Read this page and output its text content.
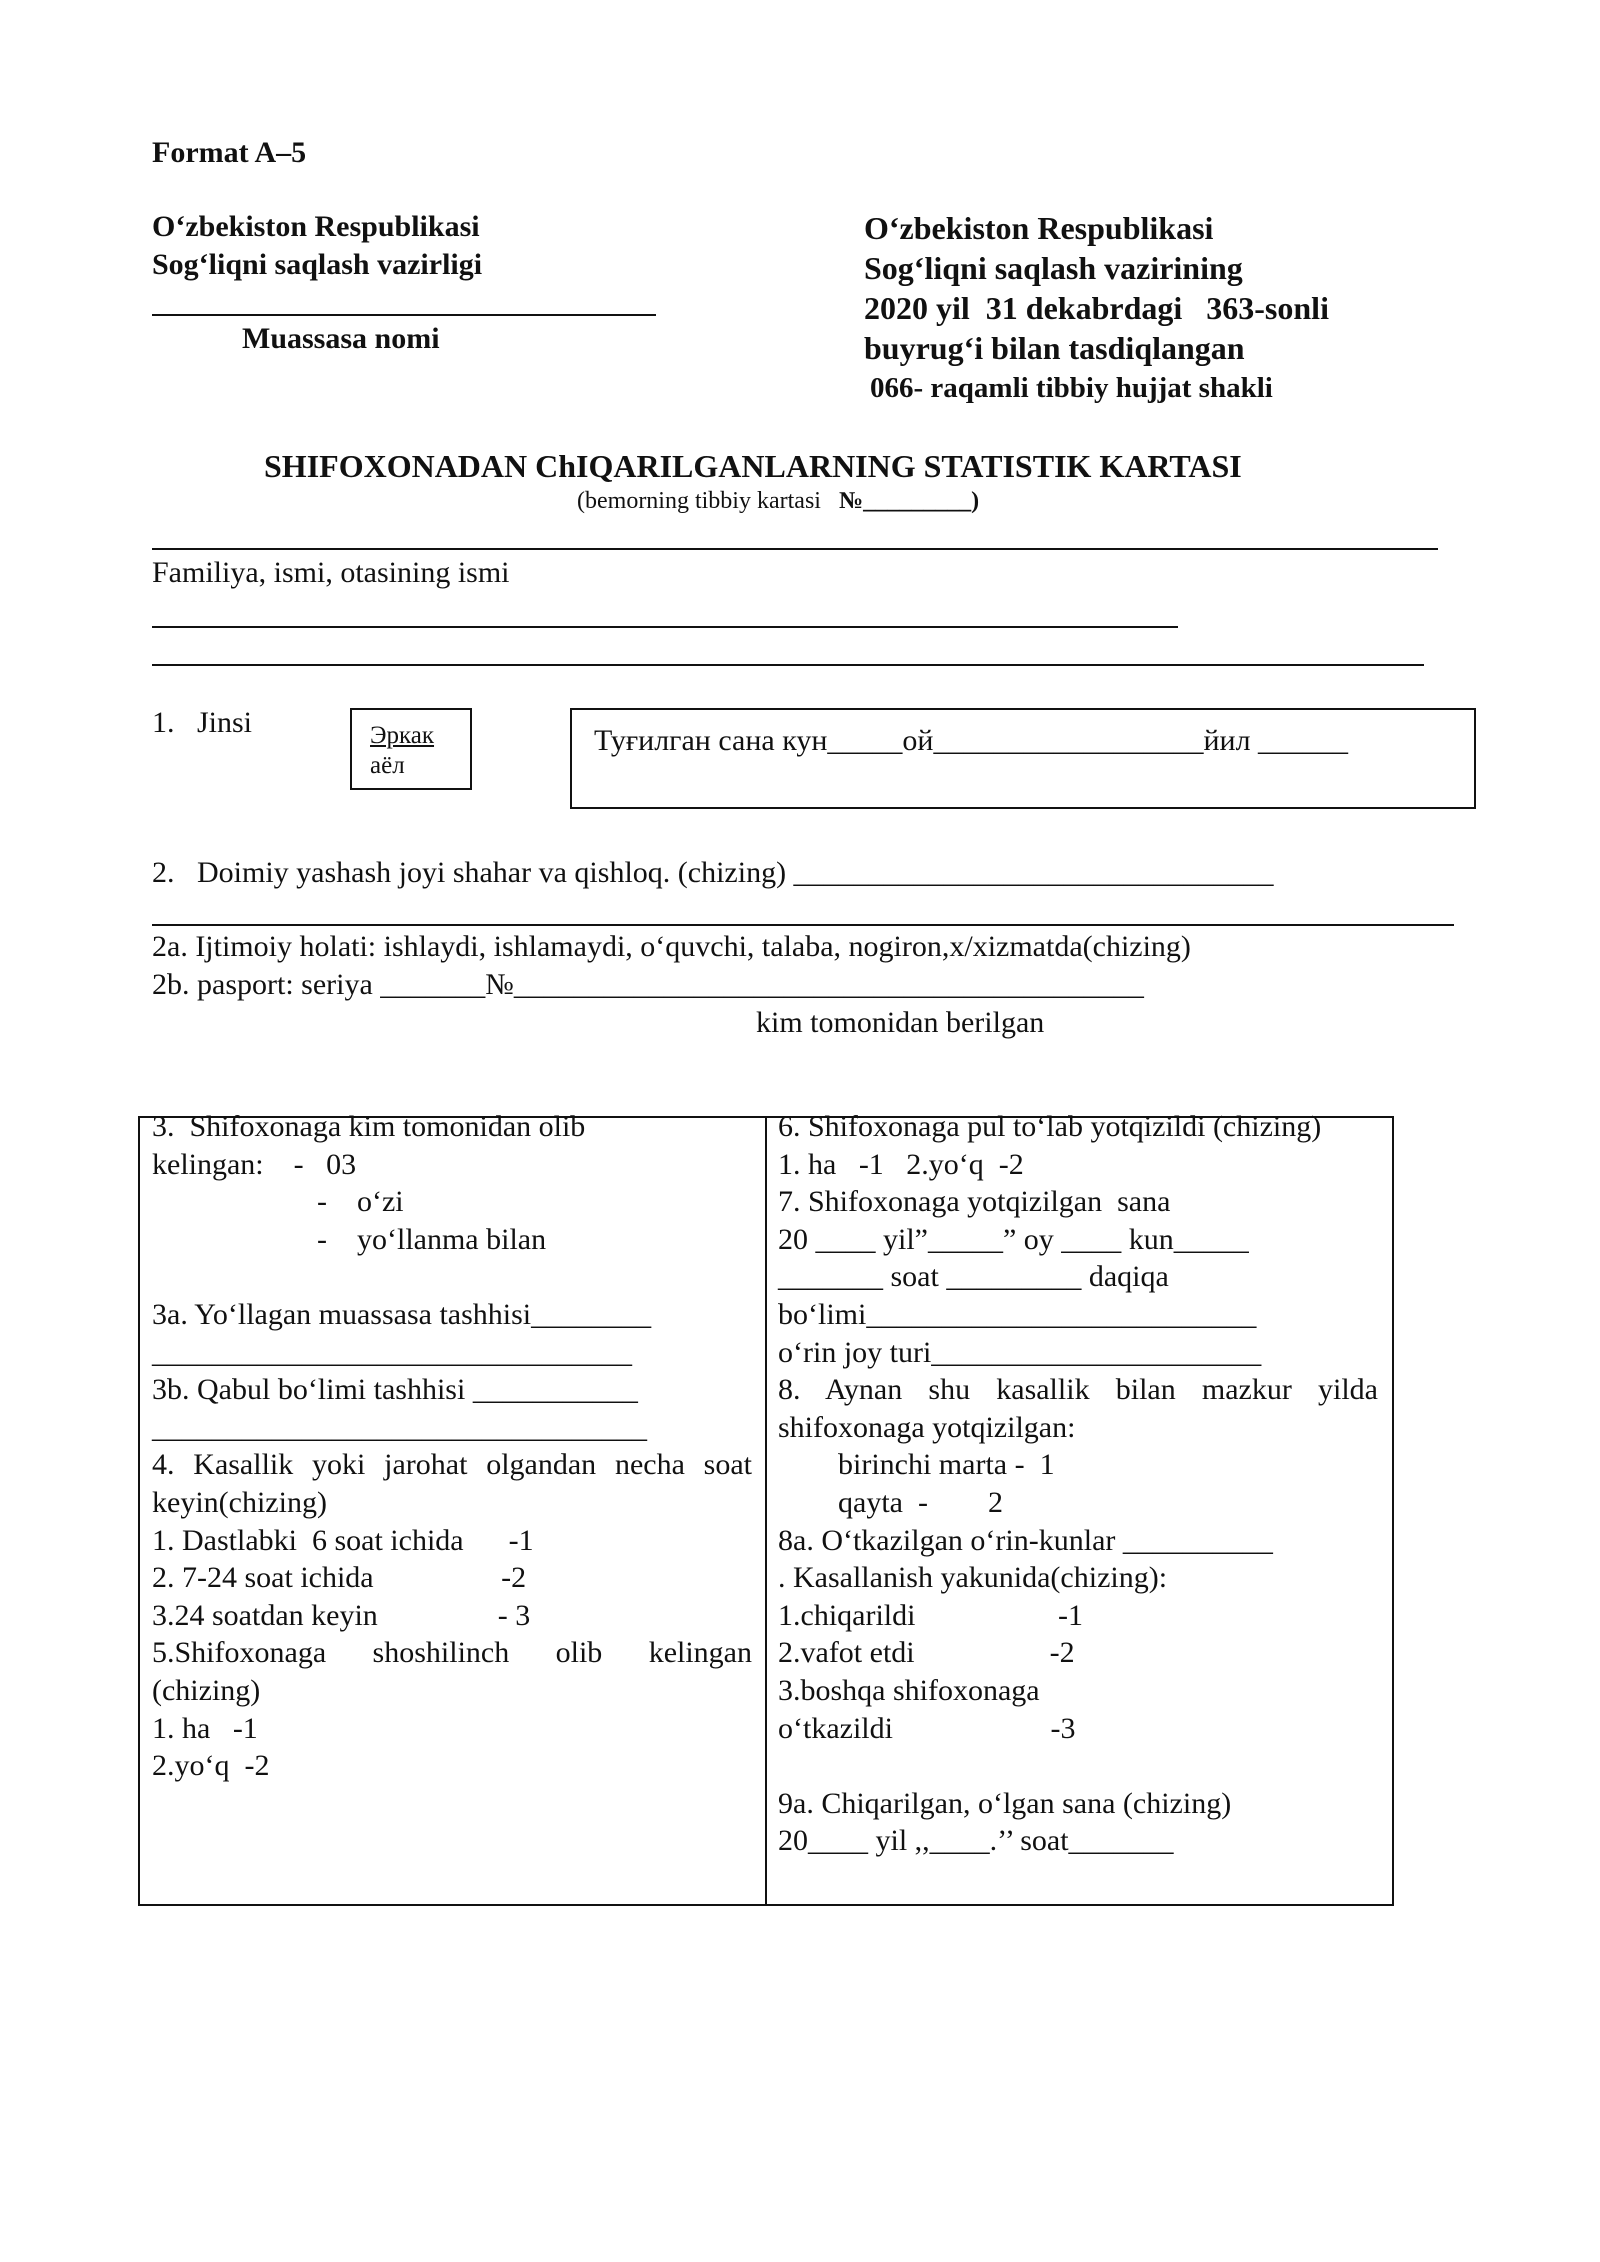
Format A–5
O‘zbekiston Respublikasi
Sog‘liqni saqlash vazirligi
Muassasa nomi
O‘zbekiston Respublikasi
Sog‘liqni saqlash vazirining
2020 yil  31 dekabrdagi   363-sonli
buyrug‘i bilan tasdiqlangan
066- raqamli tibbiy hujjat shakli
SHIFOXONADAN ChIQARILGANLARNING STATISTIK KARTASI
(bemorning tibbiy kartasi   №_________)
Familiya, ismi, otasining ismi
1.   Jinsi	Эркак
аёл
Туғилган сана кун_____ой__________________йил ______
2.   Doimiy yashash joyi shahar va qishloq. (chizing) ________________________________
2a. Ijtimoiy holati: ishlaydi, ishlamaydi, o‘quvchi, talaba, nogiron,x/xizmatda(chizing)
2b. pasport: seriya _______№__________________________________________
kim tomonidan berilgan
3.  Shifoxonaga kim tomonidan olib
kelingan:    -   03
-    o‘zi
-    yo‘llanma bilan
3a. Yo‘llagan muassasa tashhisi________
________________________________
3b. Qabul bo‘limi tashhisi ___________
_________________________________
4. Kasallik yoki jarohat olgandan necha soat
keyin(chizing)
1. Dastlabki  6 soat ichida      -1
2. 7-24 soat ichida                 -2
3.24 soatdan keyin                - 3
5.Shifoxonaga shoshilinch olib kelingan
(chizing)
1. ha   -1
2.yo‘q  -2
6. Shifoxonaga pul to‘lab yotqizildi (chizing)
1. ha   -1   2.yo‘q  -2
7. Shifoxonaga yotqizilgan  sana
20 ____ yil”_____” oy ____ kun_____
_______ soat _________ daqiqa
bo‘limi__________________________
o‘rin joy turi______________________
8. Aynan shu kasallik bilan mazkur yilda
shifoxonaga yotqizilgan:
birinchi marta -  1
qayta  -        2
8a. O‘tkazilgan o‘rin-kunlar __________
. Kasallanish yakunida(chizing):
1.chiqarildi                   -1
2.vafot etdi                  -2
3.boshqa shifoxonaga
o‘tkazildi                     -3
9a. Chiqarilgan, o‘lgan sana (chizing)
20____ yil ,,____.’’ soat_______
